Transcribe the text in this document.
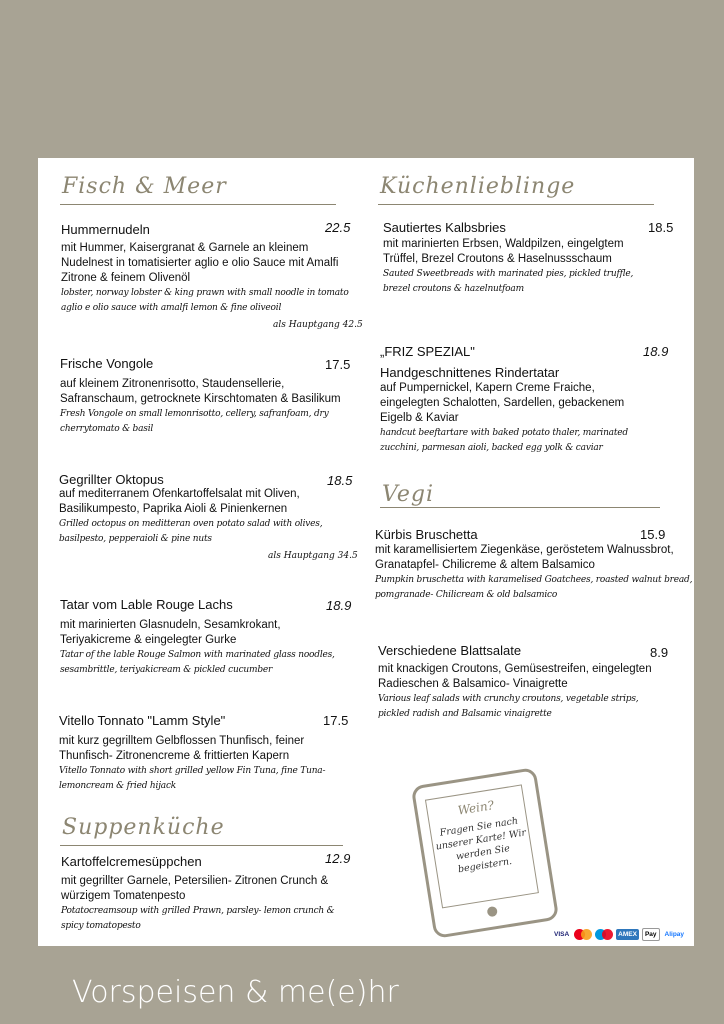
Fisch & Meer	Küchenlieblinge
Vegi
Suppenküche
Hummernudeln
mit Hummer, Kaisergranat & Garnele an kleinem Nudelnest in tomatisierter aglio e olio Sauce mit Amalfi Zitrone & feinem Olivenöl
lobster, norway lobster & king prawn with small noodle in tomato aglio e olio sauce with amalfi lemon & fine oliveoil
22.5
als Hauptgang 42.5
Frische Vongole
auf kleinem Zitronenrisotto, Staudensellerie, Safranschaum, getrocknete Kirschtomaten & Basilikum
Fresh Vongole on small lemonrisotto, cellery, safranfoam, dry cherrytomato & basil
17.5
Gegrillter Oktopus
auf mediterranem Ofenkartoffelsalat mit Oliven, Basilikumpesto, Paprika Aioli & Pinienkernen
Grilled octopus on meditteran oven potato salad with olives, basilpesto, pepperaioli & pine nuts
18.5
als Hauptgang 34.5
Tatar vom Lable Rouge Lachs
mit marinierten Glasnudeln, Sesamkrokant, Teriyakicreme & eingelegter Gurke
Tatar of the lable Rouge Salmon with marinated glass noodles, sesambrittle, teriyakicream & pickled cucumber
18.9
Vitello Tonnato "Lamm Style"
mit kurz gegrilltem Gelbflossen Thunfisch, feiner Thunfisch- Zitronencreme & frittierten Kapern
Vitello Tonnato with short grilled yellow Fin Tuna, fine Tuna-lemoncream & fried hijack
17.5
Kartoffelcremesüppchen
mit gegrillter Garnele, Petersilien- Zitronen Crunch & würzigem Tomatenpesto
Potatocreamsoup with grilled Prawn, parsley- lemon crunch & spicy tomatopesto
12.9
Sautiertes Kalbsbries
mit marinierten Erbsen, Waldpilzen, eingelgtem Trüffel, Brezel Croutons & Haselnussschaum
Sauted Sweetbreads with marinated pies, pickled truffle, brezel croutons & hazelnutfoam
18.5
„FRIZ SPEZIAL"
Handgeschnittenes Rindertatar
auf Pumpernickel, Kapern Creme Fraiche, eingelegten Schalotten, Sardellen, gebackenem Eigelb & Kaviar
handcut beeftartare with baked potato thaler, marinated zucchini, parmesan aioli, backed egg yolk & caviar
18.9
Kürbis Bruschetta
mit karamellisiertem Ziegenkäse, geröstetem Walnussbrot, Granatapfel- Chilicreme & altem Balsamico
Pumpkin bruschetta with karamelised Goatchees, roasted walnut bread, pomgranade- Chilicream & old balsamico
15.9
Verschiedene Blattsalate
mit knackigen Croutons, Gemüsestreifen, eingelegten Radieschen & Balsamico- Vinaigrette
Various leaf salads with crunchy croutons, vegetable strips, pickled radish and Balsamic vinaigrette
8.9
Wein?
Fragen Sie nach unserer Karte! Wir werden Sie begeistern.
VISA	AMEX	Pay	Alipay
Vorspeisen & me(e)hr
